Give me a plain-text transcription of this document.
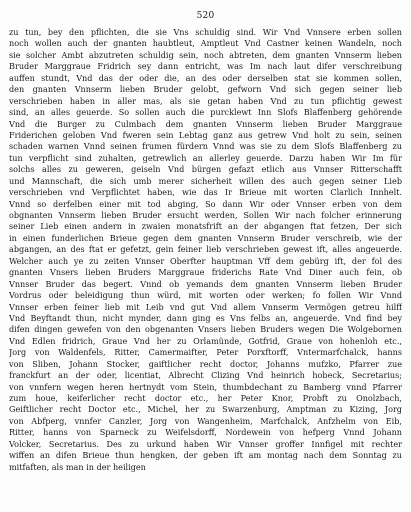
520
zu tun, bey den pflichten, die sie Vns schuldig sind. Wir Vnd Vnnsere erben sollen
noch wollen auch der gnanten haubtleut, Amptleut Vnd Castner keinen Wandeln, noch
sie solcher Ambt abzutreten schuldig sein, noch abtreten, dem gnanten Vnnserm lieben
Bruder Marggraue Fridrich sey dann entricht, was Im nach laut difer verschreibung
auffen stundt, Vnd das der oder die, an des oder derselben stat sie kommen sollen,
den gnanten Vnnserm lieben Bruder gelobt, gefworn Vnd sich gegen seiner lieb
verschrieben haben in aller mas, als sie getan haben Vnd zu tun pflichtig gewest
sind, an alles geuerde. So sollen auch die purcklewt Inn Slofs Blaffenberg gehörende
Vnd die Burger zu Culmbach dem gnanten Vnnserm lieben Bruder Marggraue
Friderichen geloben Vnd fweren sein Lebtag ganz aus getrew Vnd holt zu sein, seinen
schaden warnen Vnnd seinen frumen fürdern Vnnd was sie zu dem Slofs Blaffenberg zu
tun verpflicht sind zuhalten, getrewlich an allerley geuerde. Darzu haben Wir Im für
solchs alles zu geweren, geiseln Vnd bürgen gefazt etlich aus Vnnser Ritterschafft
und Mannschaft, die sich umb merer sicherheit willen des auch gegen seiner Lieb
verschrieben vnd Verpflichtet haben, wie das Ir Brieue mit worten Clarlich Innhelt.
Vnnd so derfelben einer mit tod abging, So dann Wir oder Vnnser erben von dem
obgnanten Vnnserm lieben Bruder ersucht werden, Sollen Wir nach folcher erinnerung
seiner Lieb einen andern in zwaien monatsfrift an der abgangen ftat fetzen, Der sich
in einen funderlichen Brieue gegen dem gnanten Vnnserm Bruder verschreib, wie der
abgangen, an des ftat er gefetzt, gein feiner lieb verschrieben gewest ift, alles angeuerde.
Welcher auch ye zu zeiten Vnnser Oberfter hauptman Vff dem gebürg ift, der fol des
gnanten Vnsers lieben Bruders Marggraue friderichs Rate Vnd Diner auch fein, ob
Vnnser Bruder das begert. Vnnd ob yemands dem gnanten Vnnserm lieben Bruder
Vordrus oder beleidigung thun würd, mit worten oder werken; fo follen Wir Vnnd
Vnnser erben feiner lieb mit Leib vnd gut Vnd allem Vnnserm Vermögen getreu hilff
Vnd Beyftandt thun, nicht mynder, dann ging es Vns felbs an, angeuerde. Vnd find bey
difen dingen gewefen von den obgenanten Vnsers lieben Bruders wegen Die Wolgebornen
Vnd Edlen fridrich, Graue Vnd her zu Orlamünde, Gotfrid, Graue von hohenloh etc.,
Jorg von Waldenfels, Ritter, Camermaifter, Peter Porxftorff, Vntermarfchalck, hanns
von Sliben, Johann Stocker, gaiftlicher recht doctor, Johanns mufzko, Pfarrer zue
franckfurt an der oder, licentiat, Albrecht Clizing Vnd heinrich hobeck, Secretarius;
von vnnfern wegen heren hertnydt vom Stein, thumbdechant zu Bamberg vnnd Pfarrer
zum houe, keiferlicher recht doctor etc., her Peter Knor, Probft zu Onolzbach,
Geiftlicher recht Doctor etc., Michel, her zu Swarzenburg, Amptman zu Kizing, Jorg
von Abfperg, vnnfer Canzler, Jorg von Wangenheim, Marfchalck, Anfzhelm von Eib,
Ritter, hanns von Sparneck zu Weifelsdorff, Nordewein von hefperg Vnnd Johann
Volcker, Secretarius. Des zu urkund haben Wir Vnnser groffer Innfigel mit rechter
wiffen an difen Brieue thun hengken, der geben ift am montag nach dem Sonntag zu
mitfaften, als man in der heiligen
